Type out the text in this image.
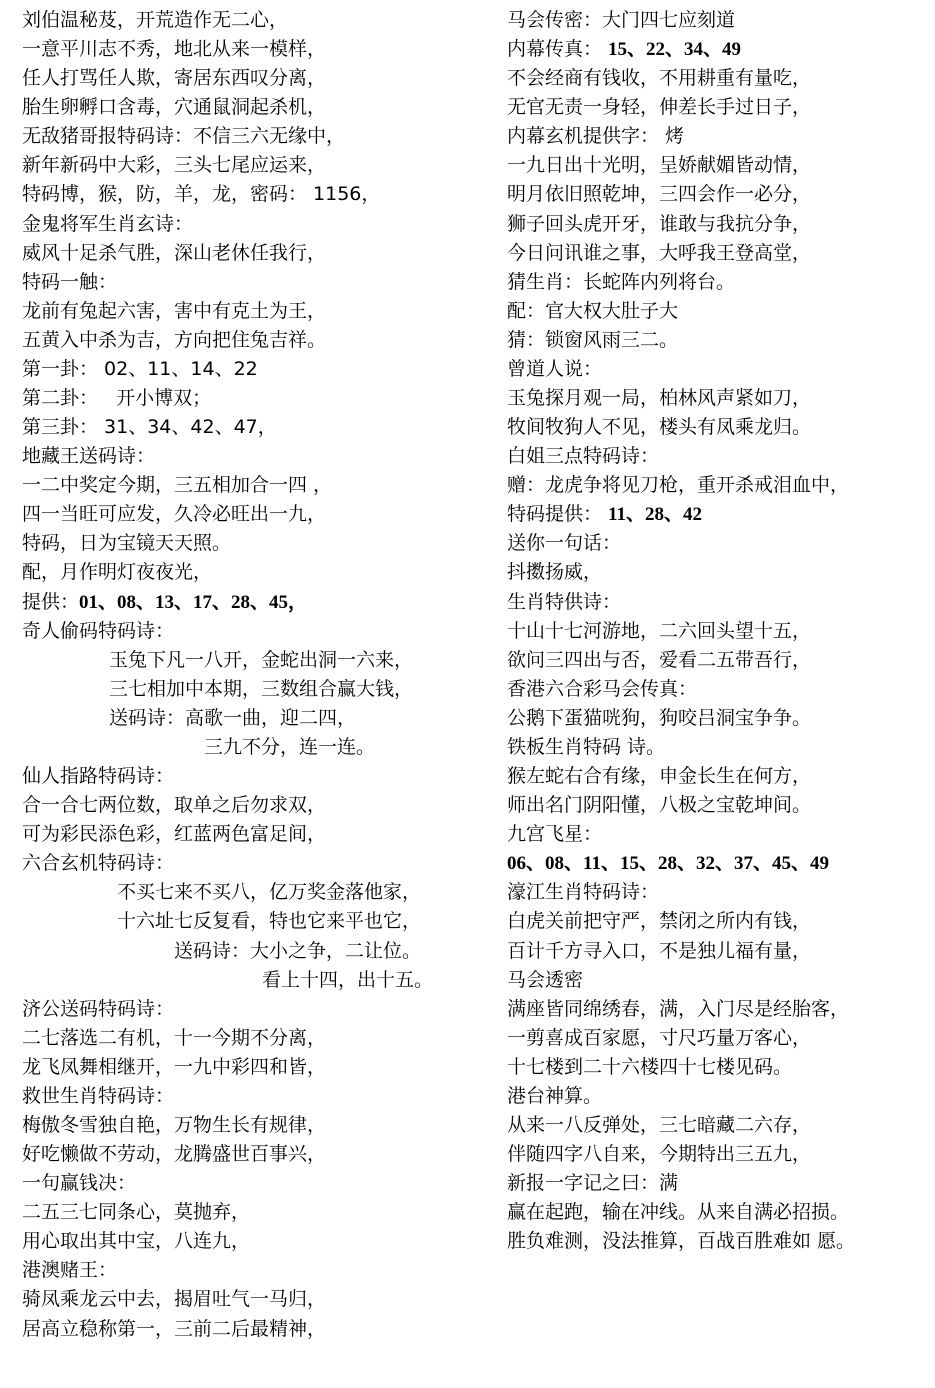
刘伯温秘芨，开荒造作无二心，
一意平川志不秀，地北从来一模样，
任人打骂任人欺，寄居东西叹分离，
胎生卵孵口含毒，穴通鼠洞起杀机，
无敌猪哥报特码诗：不信三六无缘中，
新年新码中大彩，三头七尾应运来，
特码博，猴，防，羊，龙，密码： 1156，
金鬼将军生肖玄诗：
威风十足杀气胜，深山老休任我行，
特码一触：
龙前有兔起六害，害中有克土为王，
五黄入中杀为吉，方向把住兔吉祥。
第一卦： 02、11、14、22
第二卦：   开小博双；
第三卦： 31、34、42、47，
地藏王送码诗：
一二中奖定今期，三五相加合一四 ，
四一当旺可应发，久冷必旺出一九，
特码，日为宝镜天天照。
配，月作明灯夜夜光，
提供：01、08、13、17、28、45，
奇人偷码特码诗：
玉兔下凡一八开，金蛇出洞一六来，
三七相加中本期，三数组合赢大钱，
送码诗：高歌一曲，迎二四，
三九不分，连一连。
仙人指路特码诗：
合一合七两位数，取单之后勿求双，
可为彩民添色彩，红蓝两色富足间，
六合玄机特码诗：
不买七来不买八，亿万奖金落他家，
十六址七反复看，特也它来平也它，
送码诗：大小之争，二让位。
看上十四，出十五。
济公送码特码诗：
二七落选二有机，十一今期不分离，
龙飞凤舞相继开，一九中彩四和皆，
救世生肖特码诗：
梅傲冬雪独自艳，万物生长有规律，
好吃懒做不劳动，龙腾盛世百事兴，
一句赢钱决：
二五三七同条心，莫抛弃，
用心取出其中宝，八连九，
港澳赌王：
骑凤乘龙云中去，揭眉吐气一马归，
居高立稳称第一，三前二后最精神，
马会传密：大门四七应刻道
内幕传真： 15、22、34、49
不会经商有钱收，不用耕重有量吃，
无官无责一身轻，伸差长手过日子，
内幕玄机提供字： 烤
一九日出十光明，呈娇献媚皆动情，
明月依旧照乾坤，三四会作一必分，
狮子回头虎开牙，谁敢与我抗分争，
今日问讯谁之事，大呼我王登高堂，
猜生肖：长蛇阵内列将台。
配：官大权大肚子大
猜：锁窗风雨三二。
曾道人说：
玉兔探月观一局，柏林风声紧如刀，
牧间牧狗人不见，楼头有凤乘龙归。
白姐三点特码诗：
赠：龙虎争将见刀枪，重开杀戒泪血中，
特码提供： 11、28、42
送你一句话：
抖擞扬威，
生肖特供诗：
十山十七河游地，二六回头望十五，
欲问三四出与否，爱看二五带吾行，
香港六合彩马会传真：
公鹅下蛋猫咣狗，狗咬吕洞宝争争。
铁板生肖特码 诗。
猴左蛇右合有缘，申金长生在何方，
师出名门阴阳懂，八极之宝乾坤间。
九宫飞星：
06、08、11、15、28、32、37、45、49
濠江生肖特码诗：
白虎关前把守严，禁闭之所内有钱，
百计千方寻入口，不是独儿福有量，
马会透密
满座皆同绵绣春，满，入门尽是经胎客，
一剪喜成百家愿，寸尺巧量万客心，
十七楼到二十六楼四十七楼见码。
港台神算。
从来一八反弹处，三七暗藏二六存，
伴随四字八自来，今期特出三五九，
新报一字记之曰：满
赢在起跑，输在冲线。从来自满必招损。
胜负难测，没法推算，百战百胜难如 愿。
